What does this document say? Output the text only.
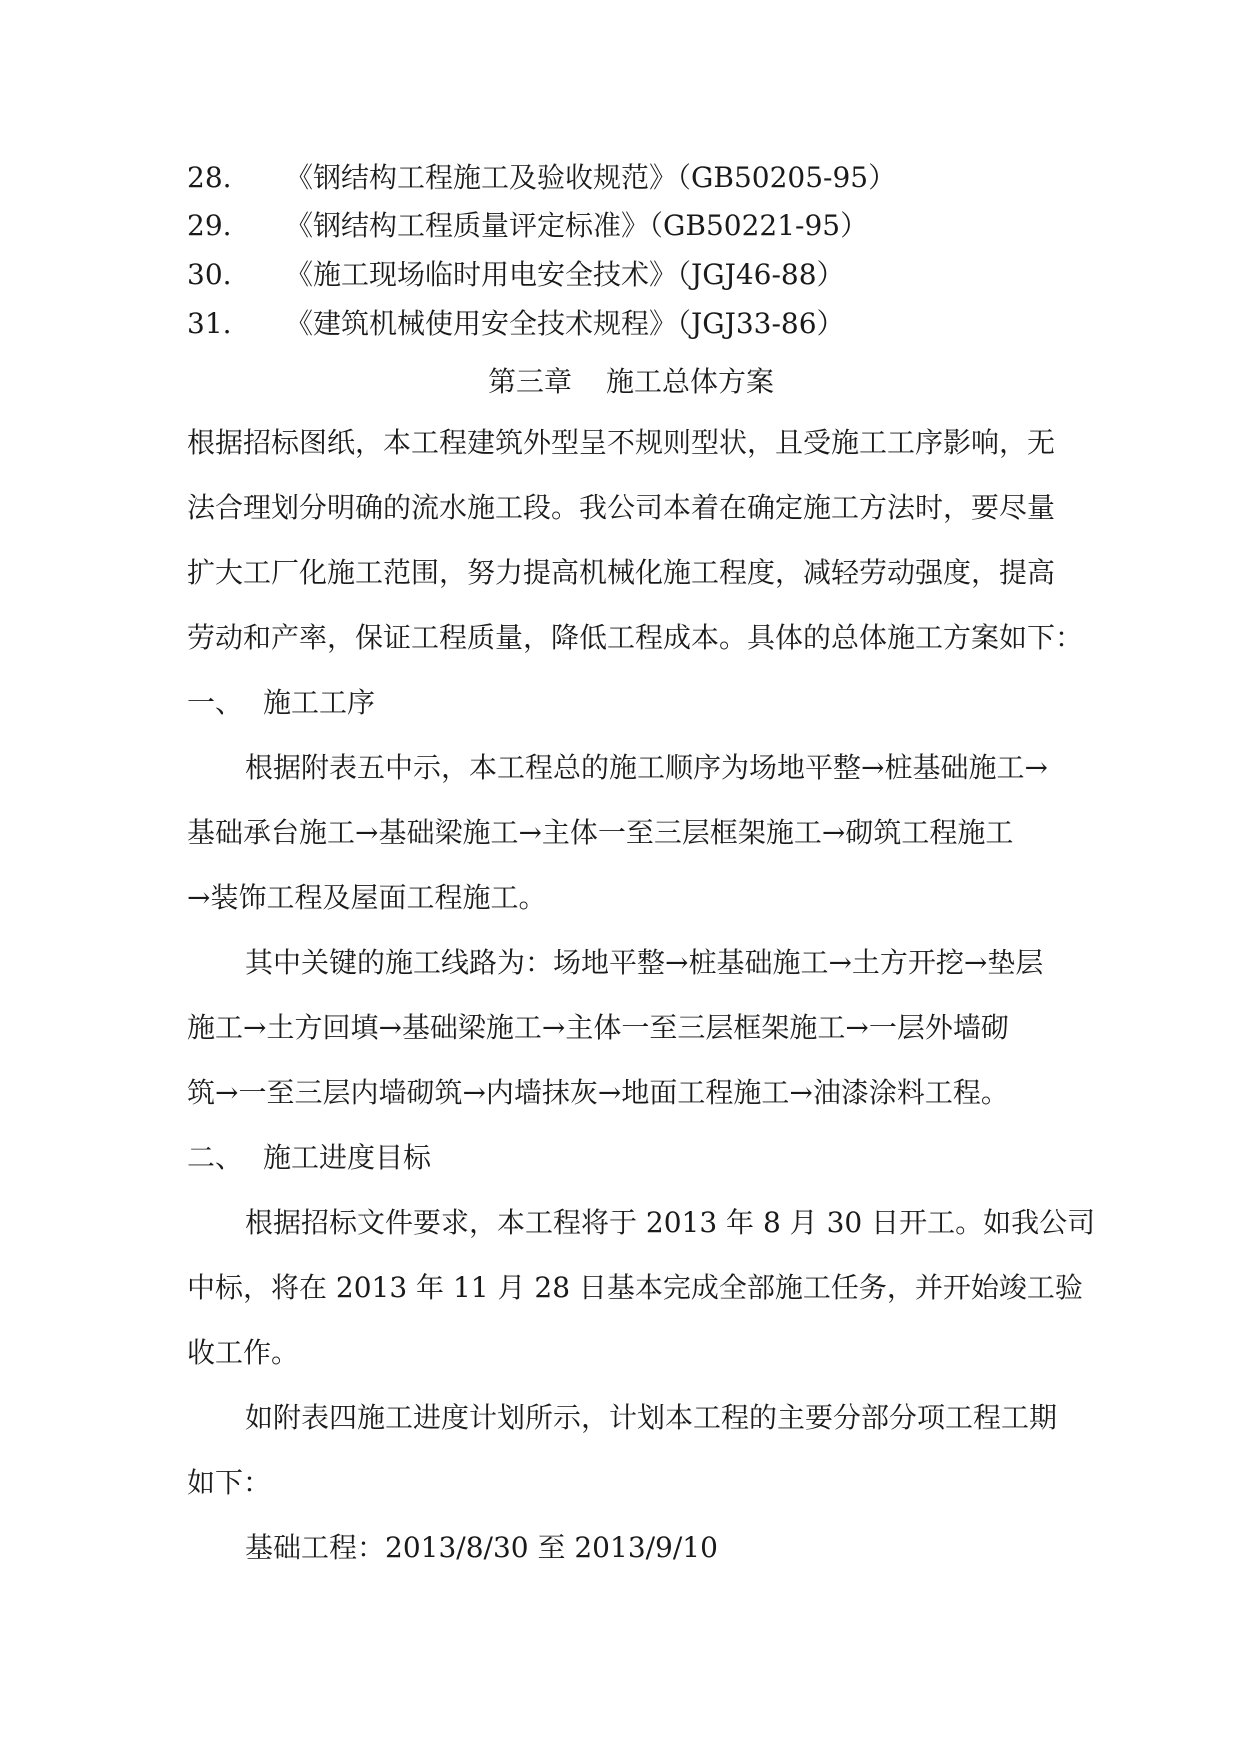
28. 《钢结构工程施工及验收规范》（GB50205-95）
29. 《钢结构工程质量评定标准》（GB50221-95）
30. 《施工现场临时用电安全技术》（JGJ46-88）
31. 《建筑机械使用安全技术规程》（JGJ33-86）
第三章 施工总体方案
根据招标图纸，本工程建筑外型呈不规则型状，且受施工工序影响，无
法合理划分明确的流水施工段。我公司本着在确定施工方法时，要尽量
扩大工厂化施工范围，努力提高机械化施工程度，减轻劳动强度，提高
劳动和产率，保证工程质量，降低工程成本。具体的总体施工方案如下：
一、 施工工序
根据附表五中示，本工程总的施工顺序为场地平整→桩基础施工→
基础承台施工→基础梁施工→主体一至三层框架施工→砌筑工程施工
→装饰工程及屋面工程施工。
其中关键的施工线路为：场地平整→桩基础施工→土方开挖→垫层
施工→土方回填→基础梁施工→主体一至三层框架施工→一层外墙砌
筑→一至三层内墙砌筑→内墙抹灰→地面工程施工→油漆涂料工程。
二、 施工进度目标
根据招标文件要求，本工程将于 2013 年 8 月 30 日开工。如我公司
中标，将在 2013 年 11 月 28 日基本完成全部施工任务，并开始竣工验
收工作。
如附表四施工进度计划所示，计划本工程的主要分部分项工程工期
如下：
基础工程：2013/8/30 至 2013/9/10
